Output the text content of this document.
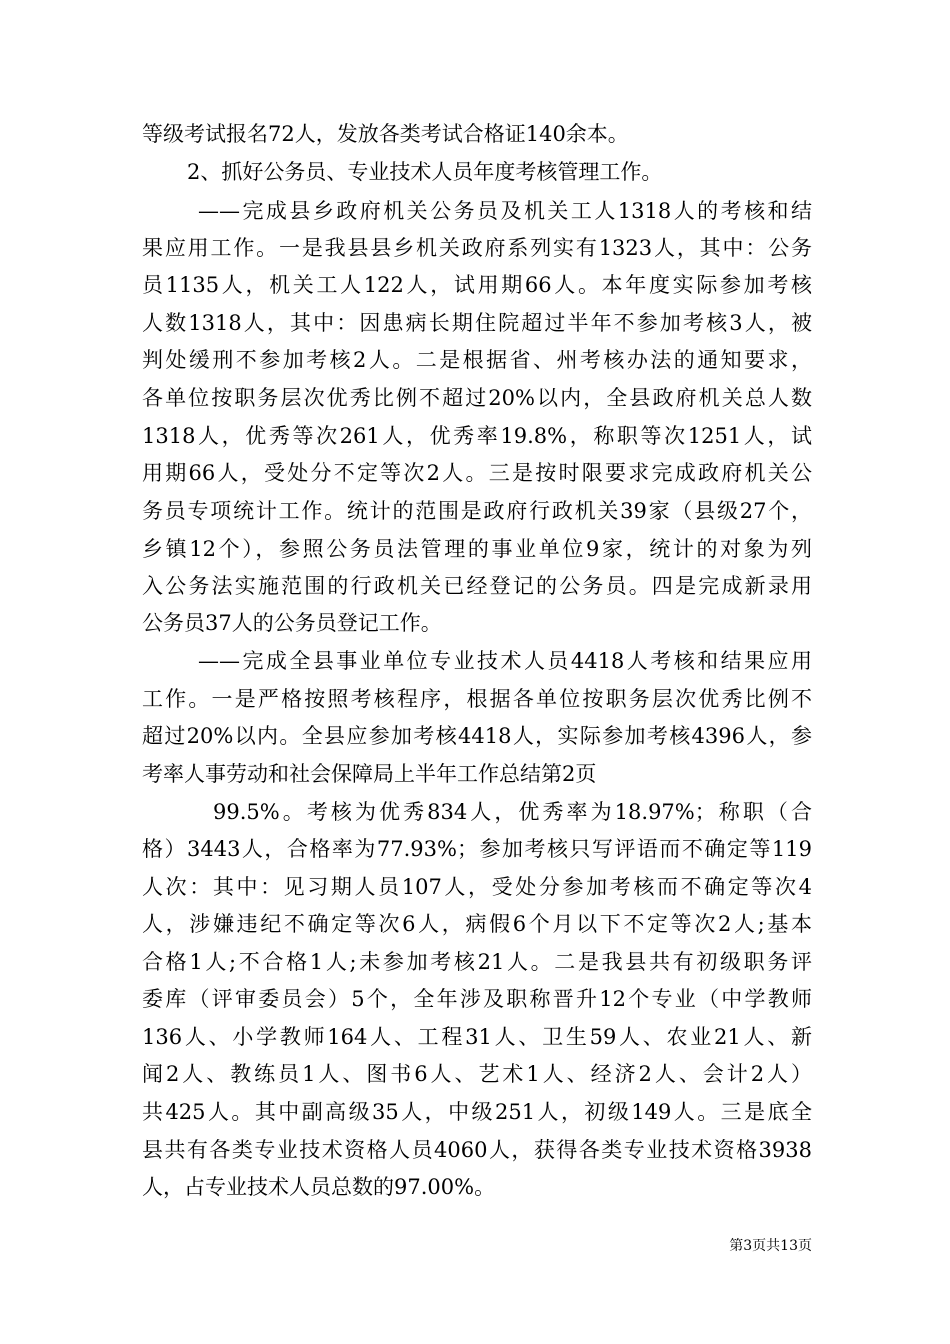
等级考试报名72人，发放各类考试合格证140余本。
2、抓好公务员、专业技术人员年度考核管理工作。
——完成县乡政府机关公务员及机关工人1318人的考核和结
果应用工作。一是我县县乡机关政府系列实有1323人，其中：公务
员1135人，机关工人122人，试用期66人。本年度实际参加考核
人数1318人，其中：因患病长期住院超过半年不参加考核3人，被
判处缓刑不参加考核2人。二是根据省、州考核办法的通知要求，
各单位按职务层次优秀比例不超过20%以内，全县政府机关总人数
1318人，优秀等次261人，优秀率19.8%，称职等次1251人，试
用期66人，受处分不定等次2人。三是按时限要求完成政府机关公
务员专项统计工作。统计的范围是政府行政机关39家（县级27个，
乡镇12个），参照公务员法管理的事业单位9家，统计的对象为列
入公务法实施范围的行政机关已经登记的公务员。四是完成新录用
公务员37人的公务员登记工作。
——完成全县事业单位专业技术人员4418人考核和结果应用
工作。一是严格按照考核程序，根据各单位按职务层次优秀比例不
超过20%以内。全县应参加考核4418人，实际参加考核4396人，参
考率人事劳动和社会保障局上半年工作总结第2页
99.5%。考核为优秀834人，优秀率为18.97%；称职（合
格）3443人，合格率为77.93%；参加考核只写评语而不确定等119
人次：其中：见习期人员107人，受处分参加考核而不确定等次4
人，涉嫌违纪不确定等次6人，病假6个月以下不定等次2人;基本
合格1人;不合格1人;未参加考核21人。二是我县共有初级职务评
委库（评审委员会）5个，全年涉及职称晋升12个专业（中学教师
136人、小学教师164人、工程31人、卫生59人、农业21人、新
闻2人、教练员1人、图书6人、艺术1人、经济2人、会计2人）
共425人。其中副高级35人，中级251人，初级149人。三是底全
县共有各类专业技术资格人员4060人，获得各类专业技术资格3938
人，占专业技术人员总数的97.00%。
第3页共13页
